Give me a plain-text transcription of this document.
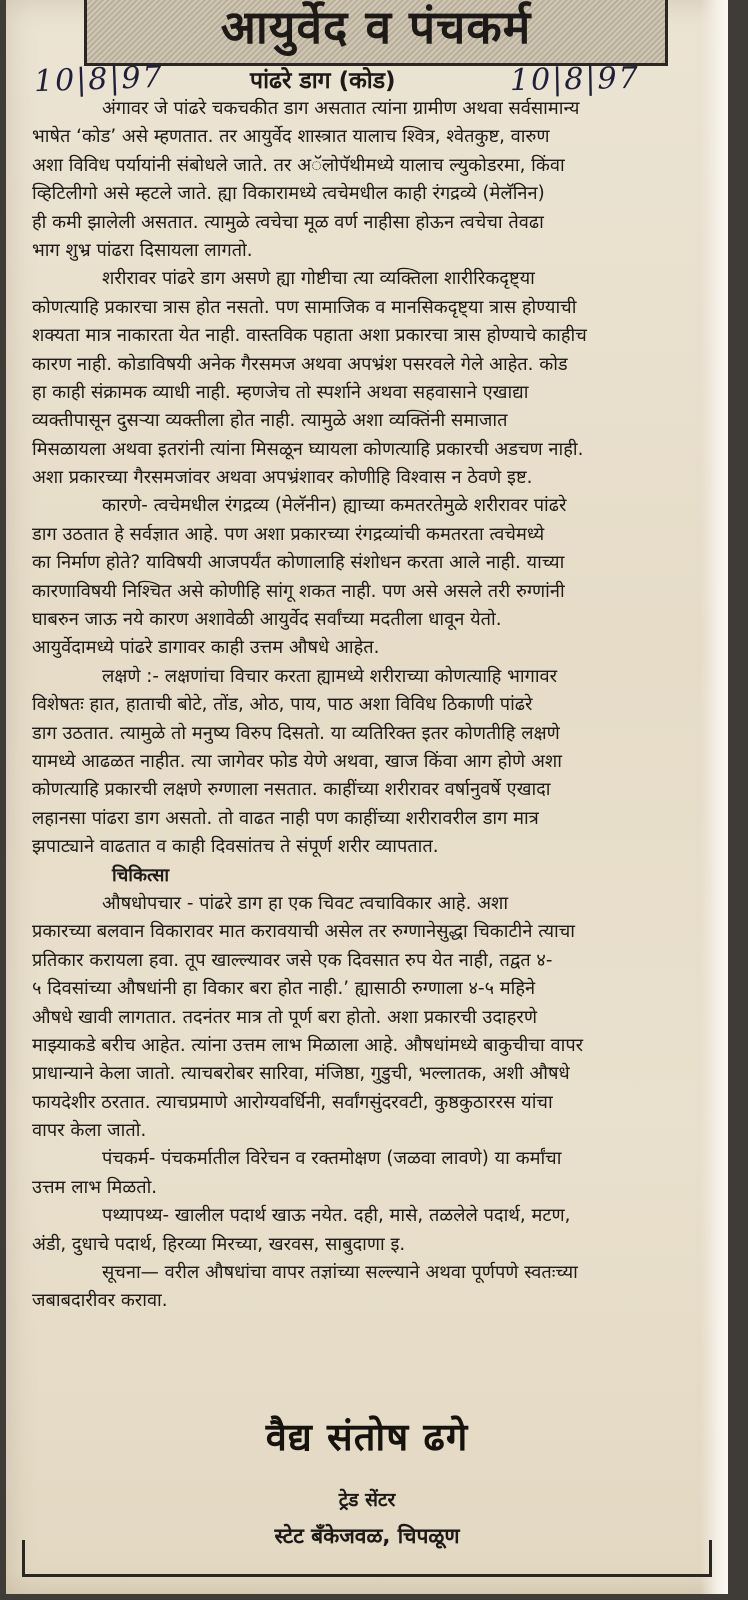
आयुर्वेद व पंचकर्म
10|8|97	पांढरे डाग (कोड)	10|8|97
अंगावर जे पांढरे चकचकीत डाग असतात त्यांना ग्रामीण अथवा सर्वसामान्य
भाषेत ‘कोड’ असे म्हणतात. तर आयुर्वेद शास्त्रात यालाच श्वित्र, श्वेतकुष्ट, वारुण
अशा विविध पर्यायांनी संबोधले जाते. तर अॅलोपॅथीमध्ये यालाच ल्युकोडरमा, किंवा
व्हिटिलीगो असे म्हटले जाते. ह्या विकारामध्ये त्वचेमधील काही रंगद्रव्ये (मेलॅनिन)
ही कमी झालेली असतात. त्यामुळे त्वचेचा मूळ वर्ण नाहीसा होऊन त्वचेचा तेवढा
भाग शुभ्र पांढरा दिसायला लागतो.
शरीरावर पांढरे डाग असणे ह्या गोष्टीचा त्या व्यक्तिला शारीरिकदृष्ट्या
कोणत्याहि प्रकारचा त्रास होत नसतो. पण सामाजिक व मानसिकदृष्ट्या त्रास होण्याची
शक्यता मात्र नाकारता येत नाही. वास्तविक पहाता अशा प्रकारचा त्रास होण्याचे काहीच
कारण नाही. कोडाविषयी अनेक गैरसमज अथवा अपभ्रंश पसरवले गेले आहेत. कोड
हा काही संक्रामक व्याधी नाही. म्हणजेच तो स्पर्शाने अथवा सहवासाने एखाद्या
व्यक्तीपासून दुसऱ्या व्यक्तीला होत नाही. त्यामुळे अशा व्यक्तिंनी समाजात
मिसळायला अथवा इतरांनी त्यांना मिसळून घ्यायला कोणत्याहि प्रकारची अडचण नाही.
अशा प्रकारच्या गैरसमजांवर अथवा अपभ्रंशावर कोणीहि विश्वास न ठेवणे इष्ट.
कारणे- त्वचेमधील रंगद्रव्य (मेलॅनीन) ह्याच्या कमतरतेमुळे शरीरावर पांढरे
डाग उठतात हे सर्वज्ञात आहे. पण अशा प्रकारच्या रंगद्रव्यांची कमतरता त्वचेमध्ये
का निर्माण होते? याविषयी आजपर्यंत कोणालाहि संशोधन करता आले नाही. याच्या
कारणाविषयी निश्चित असे कोणीहि सांगू शकत नाही. पण असे असले तरी रुग्णांनी
घाबरुन जाऊ नये कारण अशावेळी आयुर्वेद सर्वांच्या मदतीला धावून येतो.
आयुर्वेदामध्ये पांढरे डागावर काही उत्तम औषधे आहेत.
लक्षणे :- लक्षणांचा विचार करता ह्यामध्ये शरीराच्या कोणत्याहि भागावर
विशेषतः हात, हाताची बोटे, तोंड, ओठ, पाय, पाठ अशा विविध ठिकाणी पांढरे
डाग उठतात. त्यामुळे तो मनुष्य विरुप दिसतो. या व्यतिरिक्त इतर कोणतीहि लक्षणे
यामध्ये आढळत नाहीत. त्या जागेवर फोड येणे अथवा, खाज किंवा आग होणे अशा
कोणत्याहि प्रकारची लक्षणे रुग्णाला नसतात. काहींच्या शरीरावर वर्षानुवर्षे एखादा
लहानसा पांढरा डाग असतो. तो वाढत नाही पण काहींच्या शरीरावरील डाग मात्र
झपाट्याने वाढतात व काही दिवसांतच ते संपूर्ण शरीर व्यापतात.
चिकित्सा
औषधोपचार - पांढरे डाग हा एक चिवट त्वचाविकार आहे. अशा
प्रकारच्या बलवान विकारावर मात करावयाची असेल तर रुग्णानेसुद्धा चिकाटीने त्याचा
प्रतिकार करायला हवा. तूप खाल्ल्यावर जसे एक दिवसात रुप येत नाही, तद्वत ४-
५ दिवसांच्या औषधांनी हा विकार बरा होत नाही.’ ह्यासाठी रुग्णाला ४-५ महिने
औषधे खावी लागतात. तदनंतर मात्र तो पूर्ण बरा होतो. अशा प्रकारची उदाहरणे
माझ्याकडे बरीच आहेत. त्यांना उत्तम लाभ मिळाला आहे. औषधांमध्ये बाकुचीचा वापर
प्राधान्याने केला जातो. त्याचबरोबर सारिवा, मंजिष्ठा, गुडुची, भल्लातक, अशी औषधे
फायदेशीर ठरतात. त्याचप्रमाणे आरोग्यवर्धिनी, सर्वांगसुंदरवटी, कुष्ठकुठाररस यांचा
वापर केला जातो.
पंचकर्म- पंचकर्मातील विरेचन व रक्तमोक्षण (जळवा लावणे) या कर्मांचा
उत्तम लाभ मिळतो.
पथ्यापथ्य- खालील पदार्थ खाऊ नयेत. दही, मासे, तळलेले पदार्थ, मटण,
अंडी, दुधाचे पदार्थ, हिरव्या मिरच्या, खरवस, साबुदाणा इ.
सूचना— वरील औषधांचा वापर तज्ञांच्या सल्ल्याने अथवा पूर्णपणे स्वतःच्या
जबाबदारीवर करावा.
वैद्य संतोष ढगे
ट्रेड सेंटर
स्टेट बँकेजवळ, चिपळूण
